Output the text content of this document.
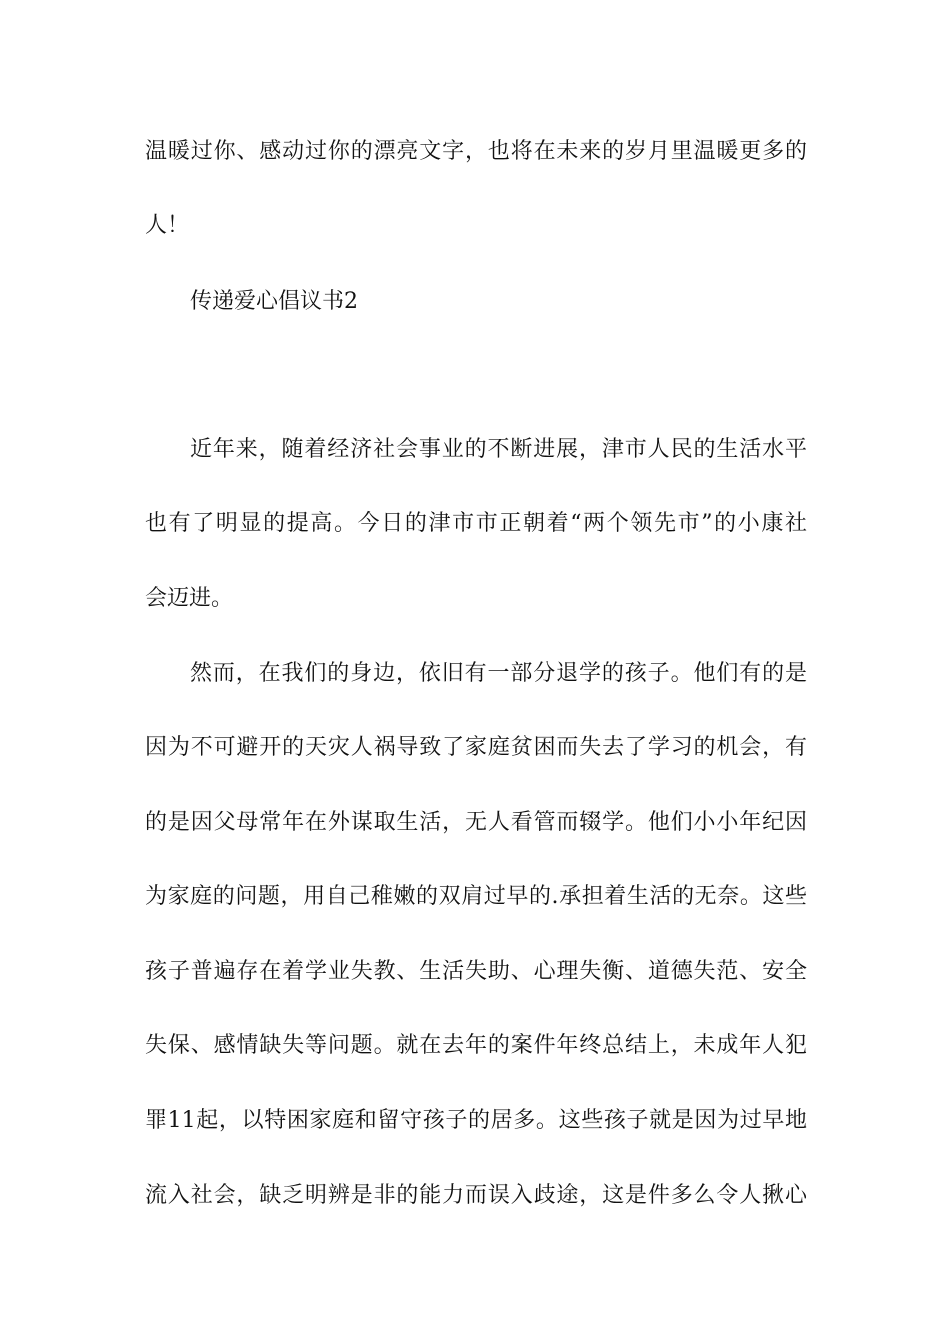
温暖过你、感动过你的漂亮文字，也将在未来的岁月里温暖更多的
人！
传递爱心倡议书2
近年来，随着经济社会事业的不断进展，津市人民的生活水平
也有了明显的提高。今日的津市市正朝着“两个领先市”的小康社
会迈进。
然而，在我们的身边，依旧有一部分退学的孩子。他们有的是
因为不可避开的天灾人祸导致了家庭贫困而失去了学习的机会，有
的是因父母常年在外谋取生活，无人看管而辍学。他们小小年纪因
为家庭的问题，用自己稚嫩的双肩过早的.承担着生活的无奈。这些
孩子普遍存在着学业失教、生活失助、心理失衡、道德失范、安全
失保、感情缺失等问题。就在去年的案件年终总结上，未成年人犯
罪11起，以特困家庭和留守孩子的居多。这些孩子就是因为过早地
流入社会，缺乏明辨是非的能力而误入歧途，这是件多么令人揪心
